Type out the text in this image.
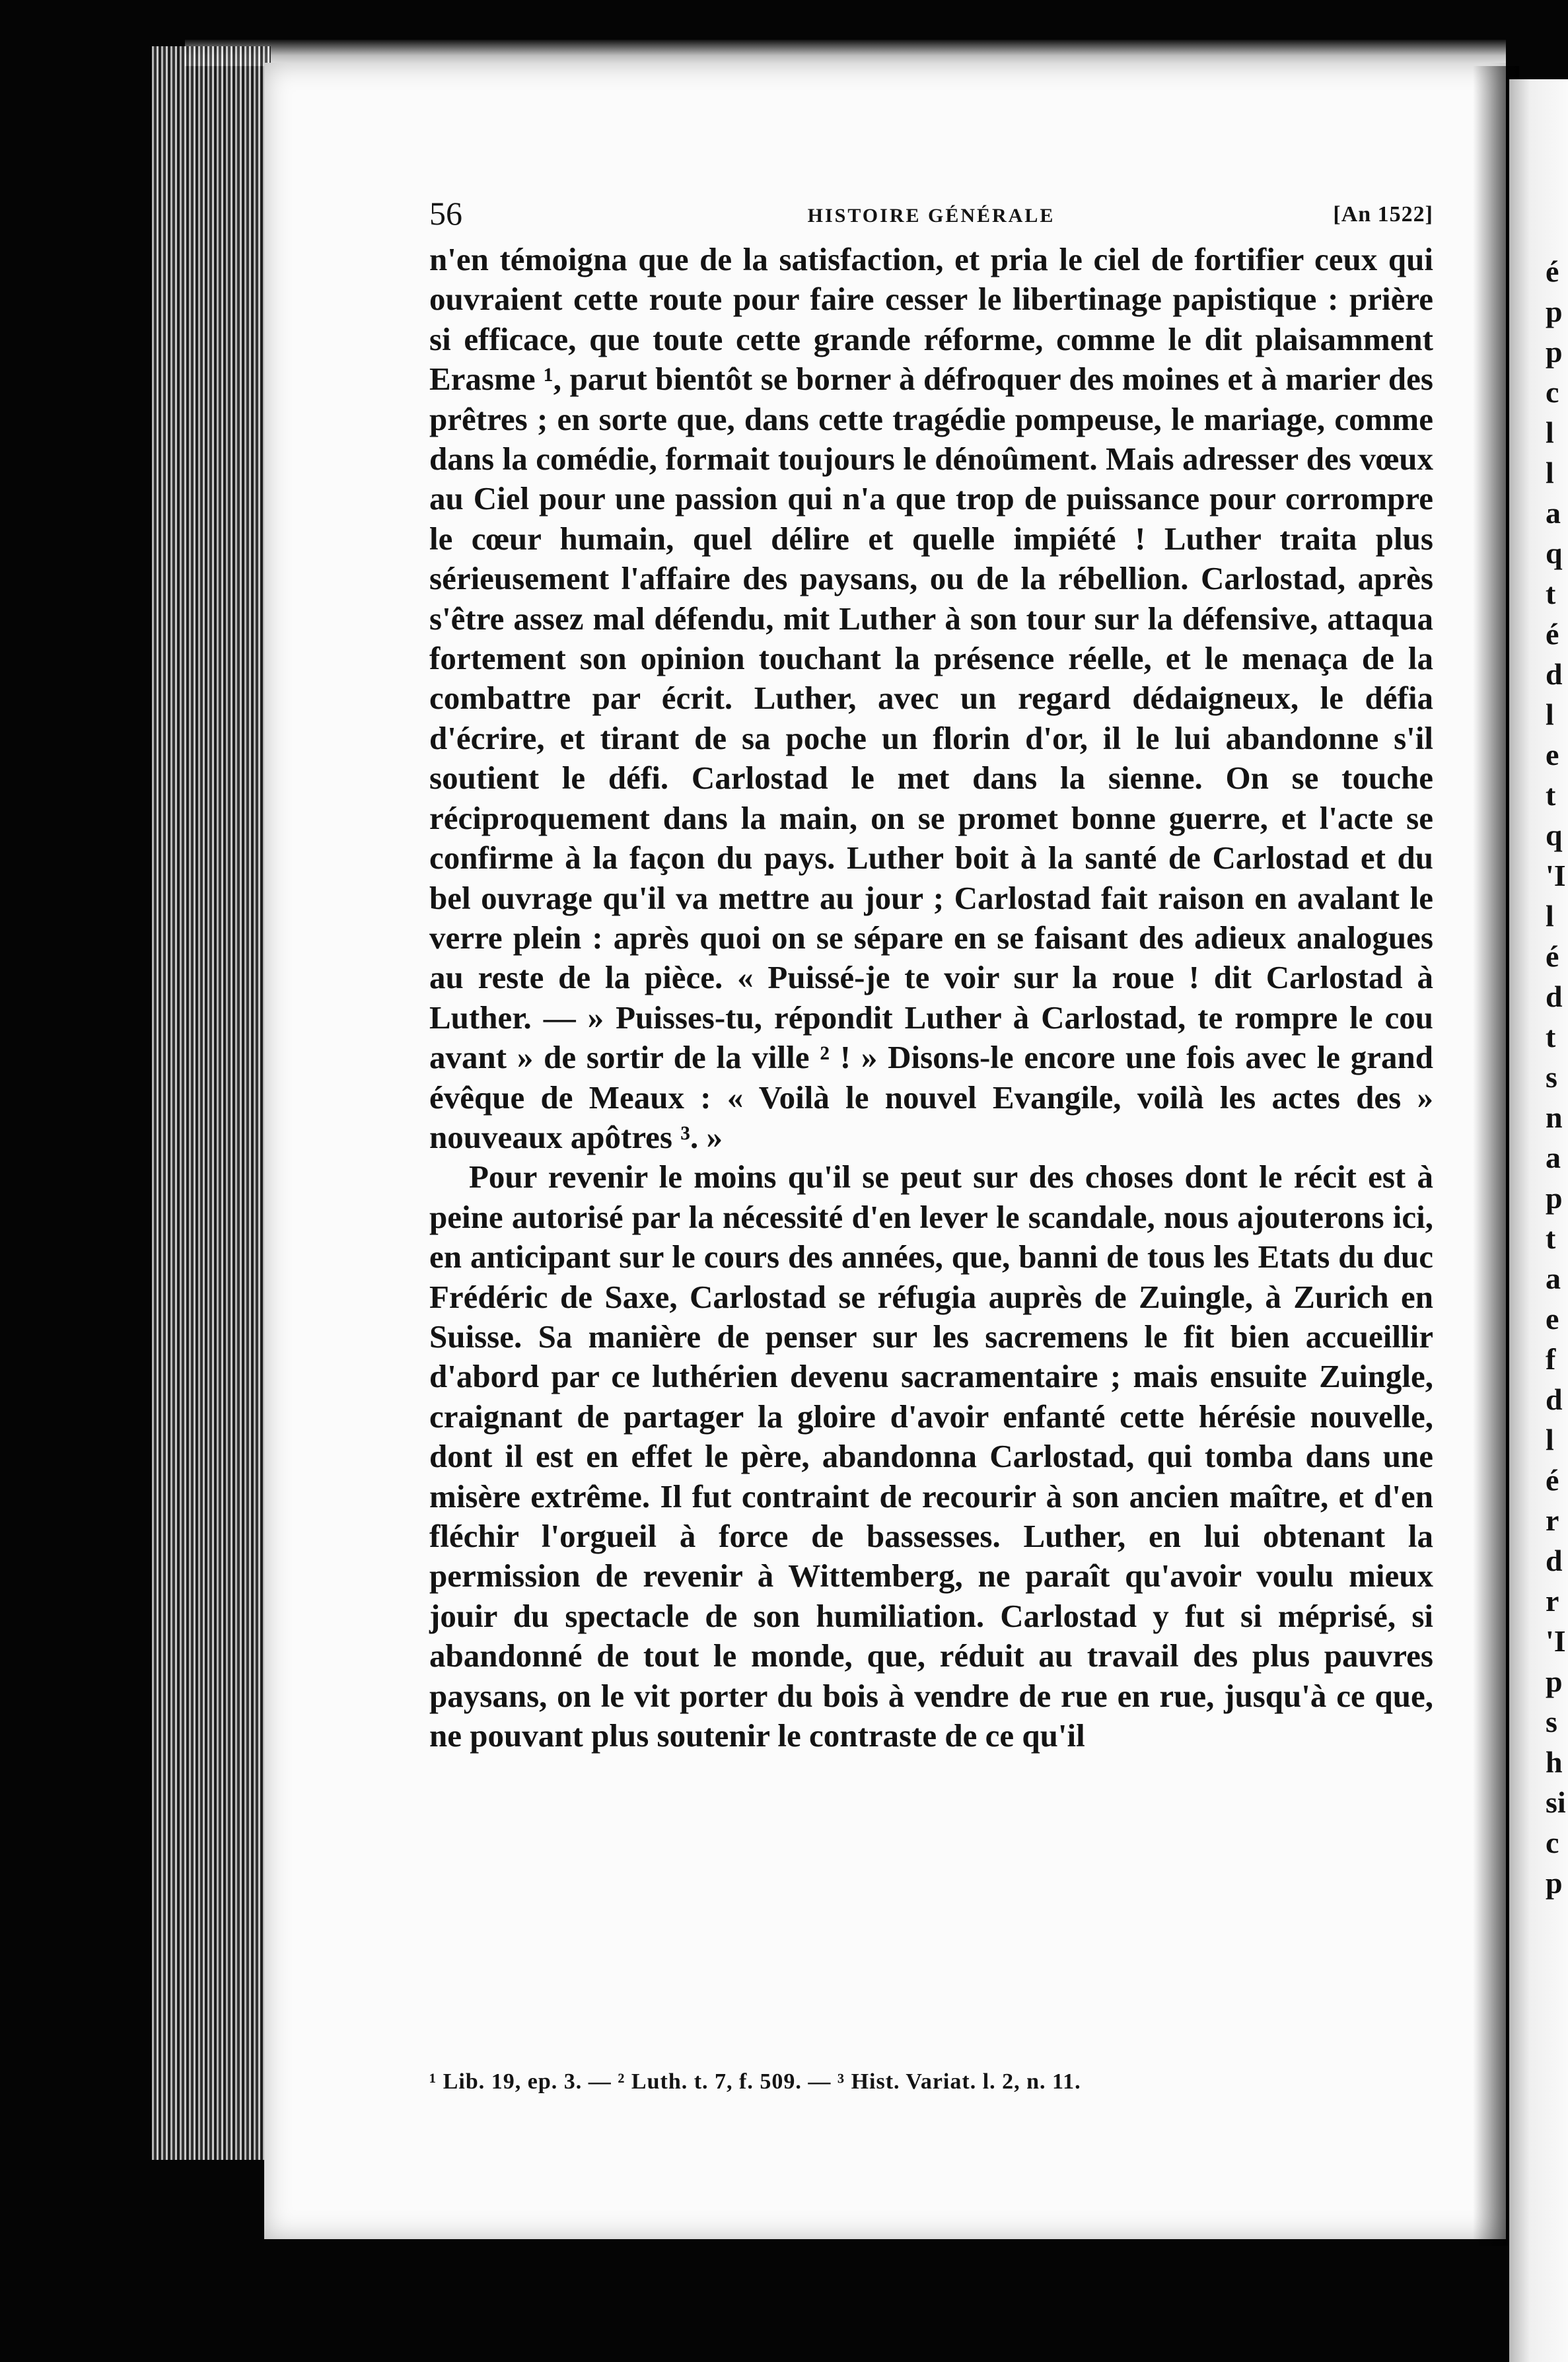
56	HISTOIRE GÉNÉRALE	[An 1522]

n'en témoigna que de la satisfaction, et pria le ciel de fortifier ceux qui ouvraient cette route pour faire cesser le libertinage papistique : prière si efficace, que toute cette grande réforme, comme le dit plaisamment Erasme ¹, parut bientôt se borner à défroquer des moines et à marier des prêtres ; en sorte que, dans cette tragédie pompeuse, le mariage, comme dans la comédie, formait toujours le dénoûment. Mais adresser des vœux au Ciel pour une passion qui n'a que trop de puissance pour corrompre le cœur humain, quel délire et quelle impiété ! Luther traita plus sérieusement l'affaire des paysans, ou de la rébellion. Carlostad, après s'être assez mal défendu, mit Luther à son tour sur la défensive, attaqua fortement son opinion touchant la présence réelle, et le menaça de la combattre par écrit. Luther, avec un regard dédaigneux, le défia d'écrire, et tirant de sa poche un florin d'or, il le lui abandonne s'il soutient le défi. Carlostad le met dans la sienne. On se touche réciproquement dans la main, on se promet bonne guerre, et l'acte se confirme à la façon du pays. Luther boit à la santé de Carlostad et du bel ouvrage qu'il va mettre au jour ; Carlostad fait raison en avalant le verre plein : après quoi on se sépare en se faisant des adieux analogues au reste de la pièce. « Puissé-je te voir sur la roue ! dit Carlostad à Luther. — » Puisses-tu, répondit Luther à Carlostad, te rompre le cou avant » de sortir de la ville ² ! » Disons-le encore une fois avec le grand évêque de Meaux : « Voilà le nouvel Evangile, voilà les actes des » nouveaux apôtres ³. »

Pour revenir le moins qu'il se peut sur des choses dont le récit est à peine autorisé par la nécessité d'en lever le scandale, nous ajouterons ici, en anticipant sur le cours des années, que, banni de tous les Etats du duc Frédéric de Saxe, Carlostad se réfugia auprès de Zuingle, à Zurich en Suisse. Sa manière de penser sur les sacremens le fit bien accueillir d'abord par ce luthérien devenu sacramentaire ; mais ensuite Zuingle, craignant de partager la gloire d'avoir enfanté cette hérésie nouvelle, dont il est en effet le père, abandonna Carlostad, qui tomba dans une misère extrême. Il fut contraint de recourir à son ancien maître, et d'en fléchir l'orgueil à force de bassesses. Luther, en lui obtenant la permission de revenir à Wittemberg, ne paraît qu'avoir voulu mieux jouir du spectacle de son humiliation. Carlostad y fut si méprisé, si abandonné de tout le monde, que, réduit au travail des plus pauvres paysans, on le vit porter du bois à vendre de rue en rue, jusqu'à ce que, ne pouvant plus soutenir le contraste de ce qu'il

¹ Lib. 19, ep. 3. — ² Luth. t. 7, f. 509. — ³ Hist. Variat. l. 2, n. 11.
é
p
p
c
l
l
a
q
t
é
d
l
e
t
q
'I
l
é
d
t
s
n
a
p
t
a
e
f
d
l
é
r
d
r
'I
p
s
h
si
c
p
